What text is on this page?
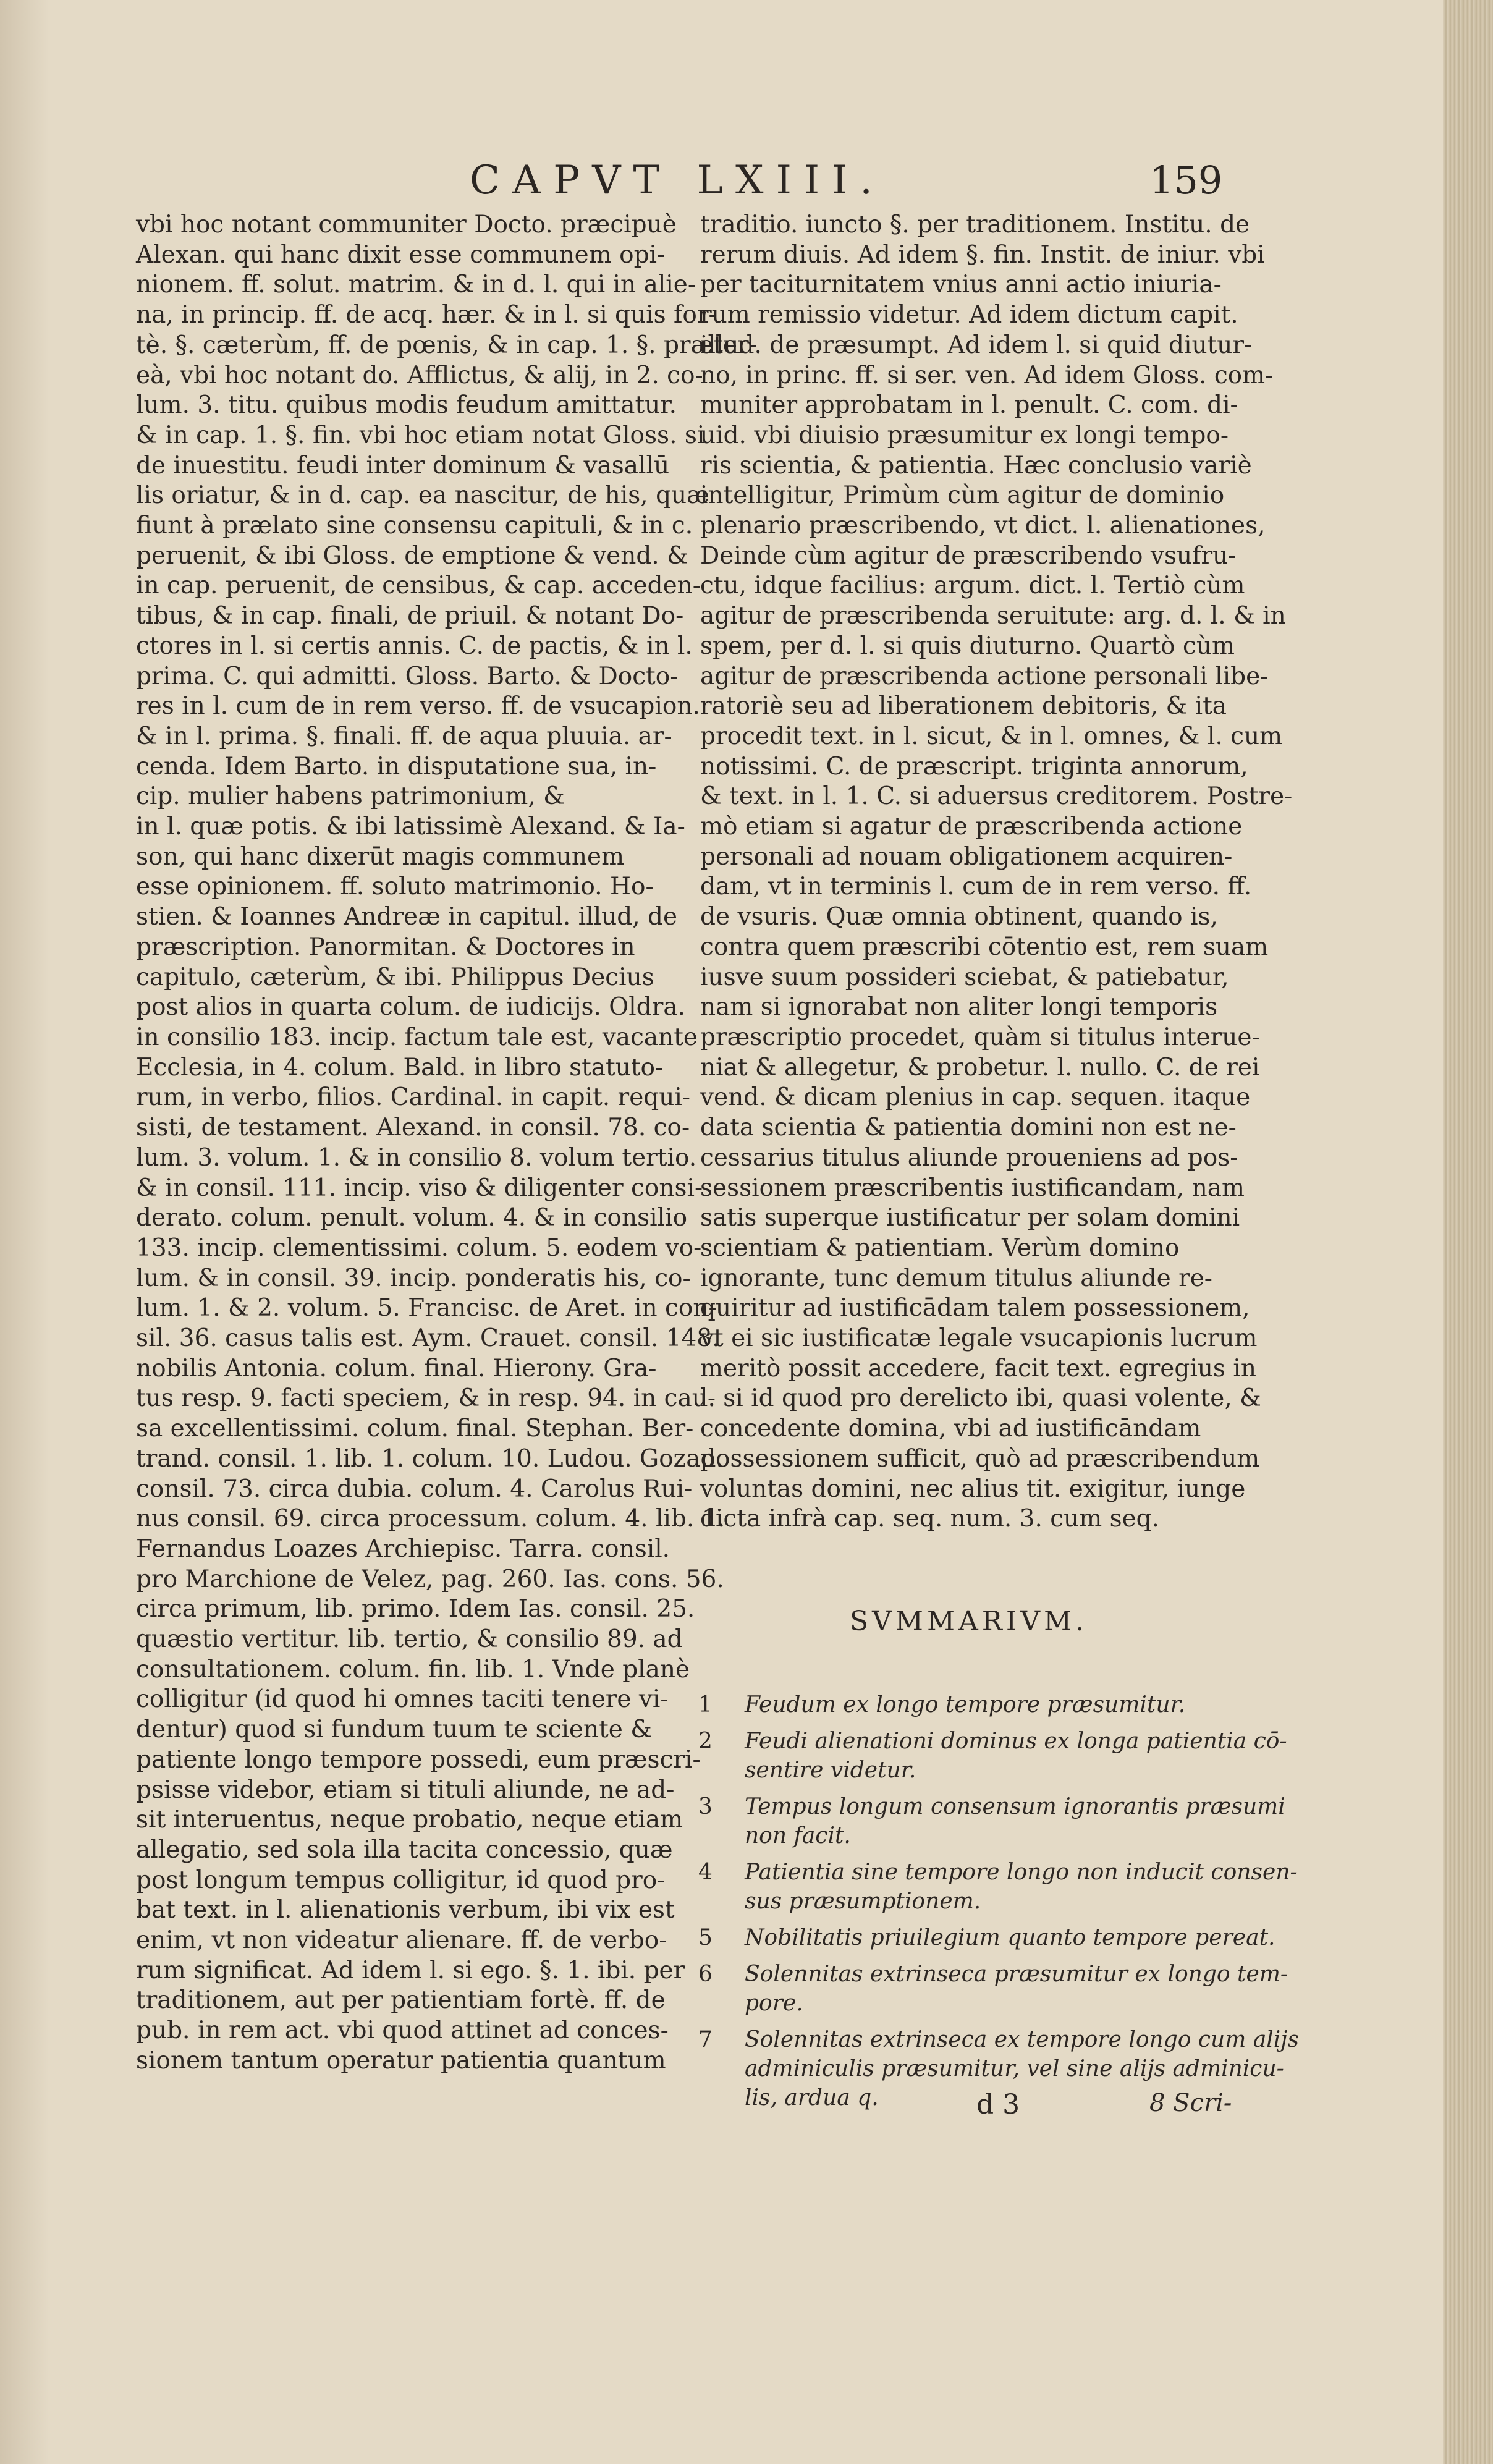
CAPVT LXIII.	159
vbi hoc notant communiter Docto. præcipuè
Alexan. qui hanc dixit esse communem opi-
nionem. ff. solut. matrim. & in d. l. qui in alie-
na, in princip. ff. de acq. hær. & in l. si quis for-
tè. §. cæterùm, ff. de pœnis, & in cap. 1. §. præter-
eà, vbi hoc notant do. Afflictus, & alij, in 2. co-
lum. 3. titu. quibus modis feudum amittatur.
& in cap. 1. §. fin. vbi hoc etiam notat Gloss. si
de inuestitu. feudi inter dominum & vasallū
lis oriatur, & in d. cap. ea nascitur, de his, quæ
fiunt à prælato sine consensu capituli, & in c.
peruenit, & ibi Gloss. de emptione & vend. &
in cap. peruenit, de censibus, & cap. acceden-
tibus, & in cap. finali, de priuil. & notant Do-
ctores in l. si certis annis. C. de pactis, & in l.
prima. C. qui admitti. Gloss. Barto. & Docto-
res in l. cum de in rem verso. ff. de vsucapion.
& in l. prima. §. finali. ff. de aqua pluuia. ar-
cenda. Idem Barto. in disputatione sua, in-
cip. mulier habens patrimonium, &
in l. quæ potis. & ibi latissimè Alexand. & Ia-
son, qui hanc dixerūt magis communem
esse opinionem. ff. soluto matrimonio. Ho-
stien. & Ioannes Andreæ in capitul. illud, de
præscription. Panormitan. & Doctores in
capitulo, cæterùm, & ibi. Philippus Decius
post alios in quarta colum. de iudicijs. Oldra.
in consilio 183. incip. factum tale est, vacante
Ecclesia, in 4. colum. Bald. in libro statuto-
rum, in verbo, filios. Cardinal. in capit. requi-
sisti, de testament. Alexand. in consil. 78. co-
lum. 3. volum. 1. & in consilio 8. volum tertio.
& in consil. 111. incip. viso & diligenter consi-
derato. colum. penult. volum. 4. & in consilio
133. incip. clementissimi. colum. 5. eodem vo-
lum. & in consil. 39. incip. ponderatis his, co-
lum. 1. & 2. volum. 5. Francisc. de Aret. in con-
sil. 36. casus talis est. Aym. Crauet. consil. 148.
nobilis Antonia. colum. final. Hierony. Gra-
tus resp. 9. facti speciem, & in resp. 94. in cau-
sa excellentissimi. colum. final. Stephan. Ber-
trand. consil. 1. lib. 1. colum. 10. Ludou. Gozad.
consil. 73. circa dubia. colum. 4. Carolus Rui-
nus consil. 69. circa processum. colum. 4. lib. 1.
Fernandus Loazes Archiepisc. Tarra. consil.
pro Marchione de Velez, pag. 260. Ias. cons. 56.
circa primum, lib. primo. Idem Ias. consil. 25.
quæstio vertitur. lib. tertio, & consilio 89. ad
consultationem. colum. fin. lib. 1. Vnde planè
colligitur (id quod hi omnes taciti tenere vi-
dentur) quod si fundum tuum te sciente &
patiente longo tempore possedi, eum præscri-
psisse videbor, etiam si tituli aliunde, ne ad-
sit interuentus, neque probatio, neque etiam
allegatio, sed sola illa tacita concessio, quæ
post longum tempus colligitur, id quod pro-
bat text. in l. alienationis verbum, ibi vix est
enim, vt non videatur alienare. ff. de verbo-
rum significat. Ad idem l. si ego. §. 1. ibi. per
traditionem, aut per patientiam fortè. ff. de
pub. in rem act. vbi quod attinet ad conces-
sionem tantum operatur patientia quantum
traditio. iuncto §. per traditionem. Institu. de
rerum diuis. Ad idem §. fin. Instit. de iniur. vbi
per taciturnitatem vnius anni actio iniuria-
rum remissio videtur. Ad idem dictum capit.
illud. de præsumpt. Ad idem l. si quid diutur-
no, in princ. ff. si ser. ven. Ad idem Gloss. com-
muniter approbatam in l. penult. C. com. di-
uid. vbi diuisio præsumitur ex longi tempo-
ris scientia, & patientia. Hæc conclusio variè
intelligitur, Primùm cùm agitur de dominio
plenario præscribendo, vt dict. l. alienationes,
Deinde cùm agitur de præscribendo vsufru-
ctu, idque facilius: argum. dict. l. Tertiò cùm
agitur de præscribenda seruitute: arg. d. l. & in
spem, per d. l. si quis diuturno. Quartò cùm
agitur de præscribenda actione personali libe-
ratoriè seu ad liberationem debitoris, & ita
procedit text. in l. sicut, & in l. omnes, & l. cum
notissimi. C. de præscript. triginta annorum,
& text. in l. 1. C. si aduersus creditorem. Postre-
mò etiam si agatur de præscribenda actione
personali ad nouam obligationem acquiren-
dam, vt in terminis l. cum de in rem verso. ff.
de vsuris. Quæ omnia obtinent, quando is,
contra quem præscribi cōtentio est, rem suam
iusve suum possideri sciebat, & patiebatur,
nam si ignorabat non aliter longi temporis
præscriptio procedet, quàm si titulus interue-
niat & allegetur, & probetur. l. nullo. C. de rei
vend. & dicam plenius in cap. sequen. itaque
data scientia & patientia domini non est ne-
cessarius titulus aliunde proueniens ad pos-
sessionem præscribentis iustificandam, nam
satis superque iustificatur per solam domini
scientiam & patientiam. Verùm domino
ignorante, tunc demum titulus aliunde re-
quiritur ad iustificādam talem possessionem,
vt ei sic iustificatæ legale vsucapionis lucrum
meritò possit accedere, facit text. egregius in
l. si id quod pro derelicto ibi, quasi volente, &
concedente domina, vbi ad iustificāndam
possessionem sufficit, quò ad præscribendum
voluntas domini, nec alius tit. exigitur, iunge
dicta infrà cap. seq. num. 3. cum seq.
SVMMARIVM.
1 Feudum ex longo tempore præsumitur.
2 Feudi alienationi dominus ex longa patientia cō-
sentire videtur.
3 Tempus longum consensum ignorantis præsumi
non facit.
4 Patientia sine tempore longo non inducit consen-
sus præsumptionem.
5 Nobilitatis priuilegium quanto tempore pereat.
6 Solennitas extrinseca præsumitur ex longo tem-
pore.
7 Solennitas extrinseca ex tempore longo cum alijs
adminiculis præsumitur, vel sine alijs adminicu-
lis, ardua q.	d 3	8 Scri-
